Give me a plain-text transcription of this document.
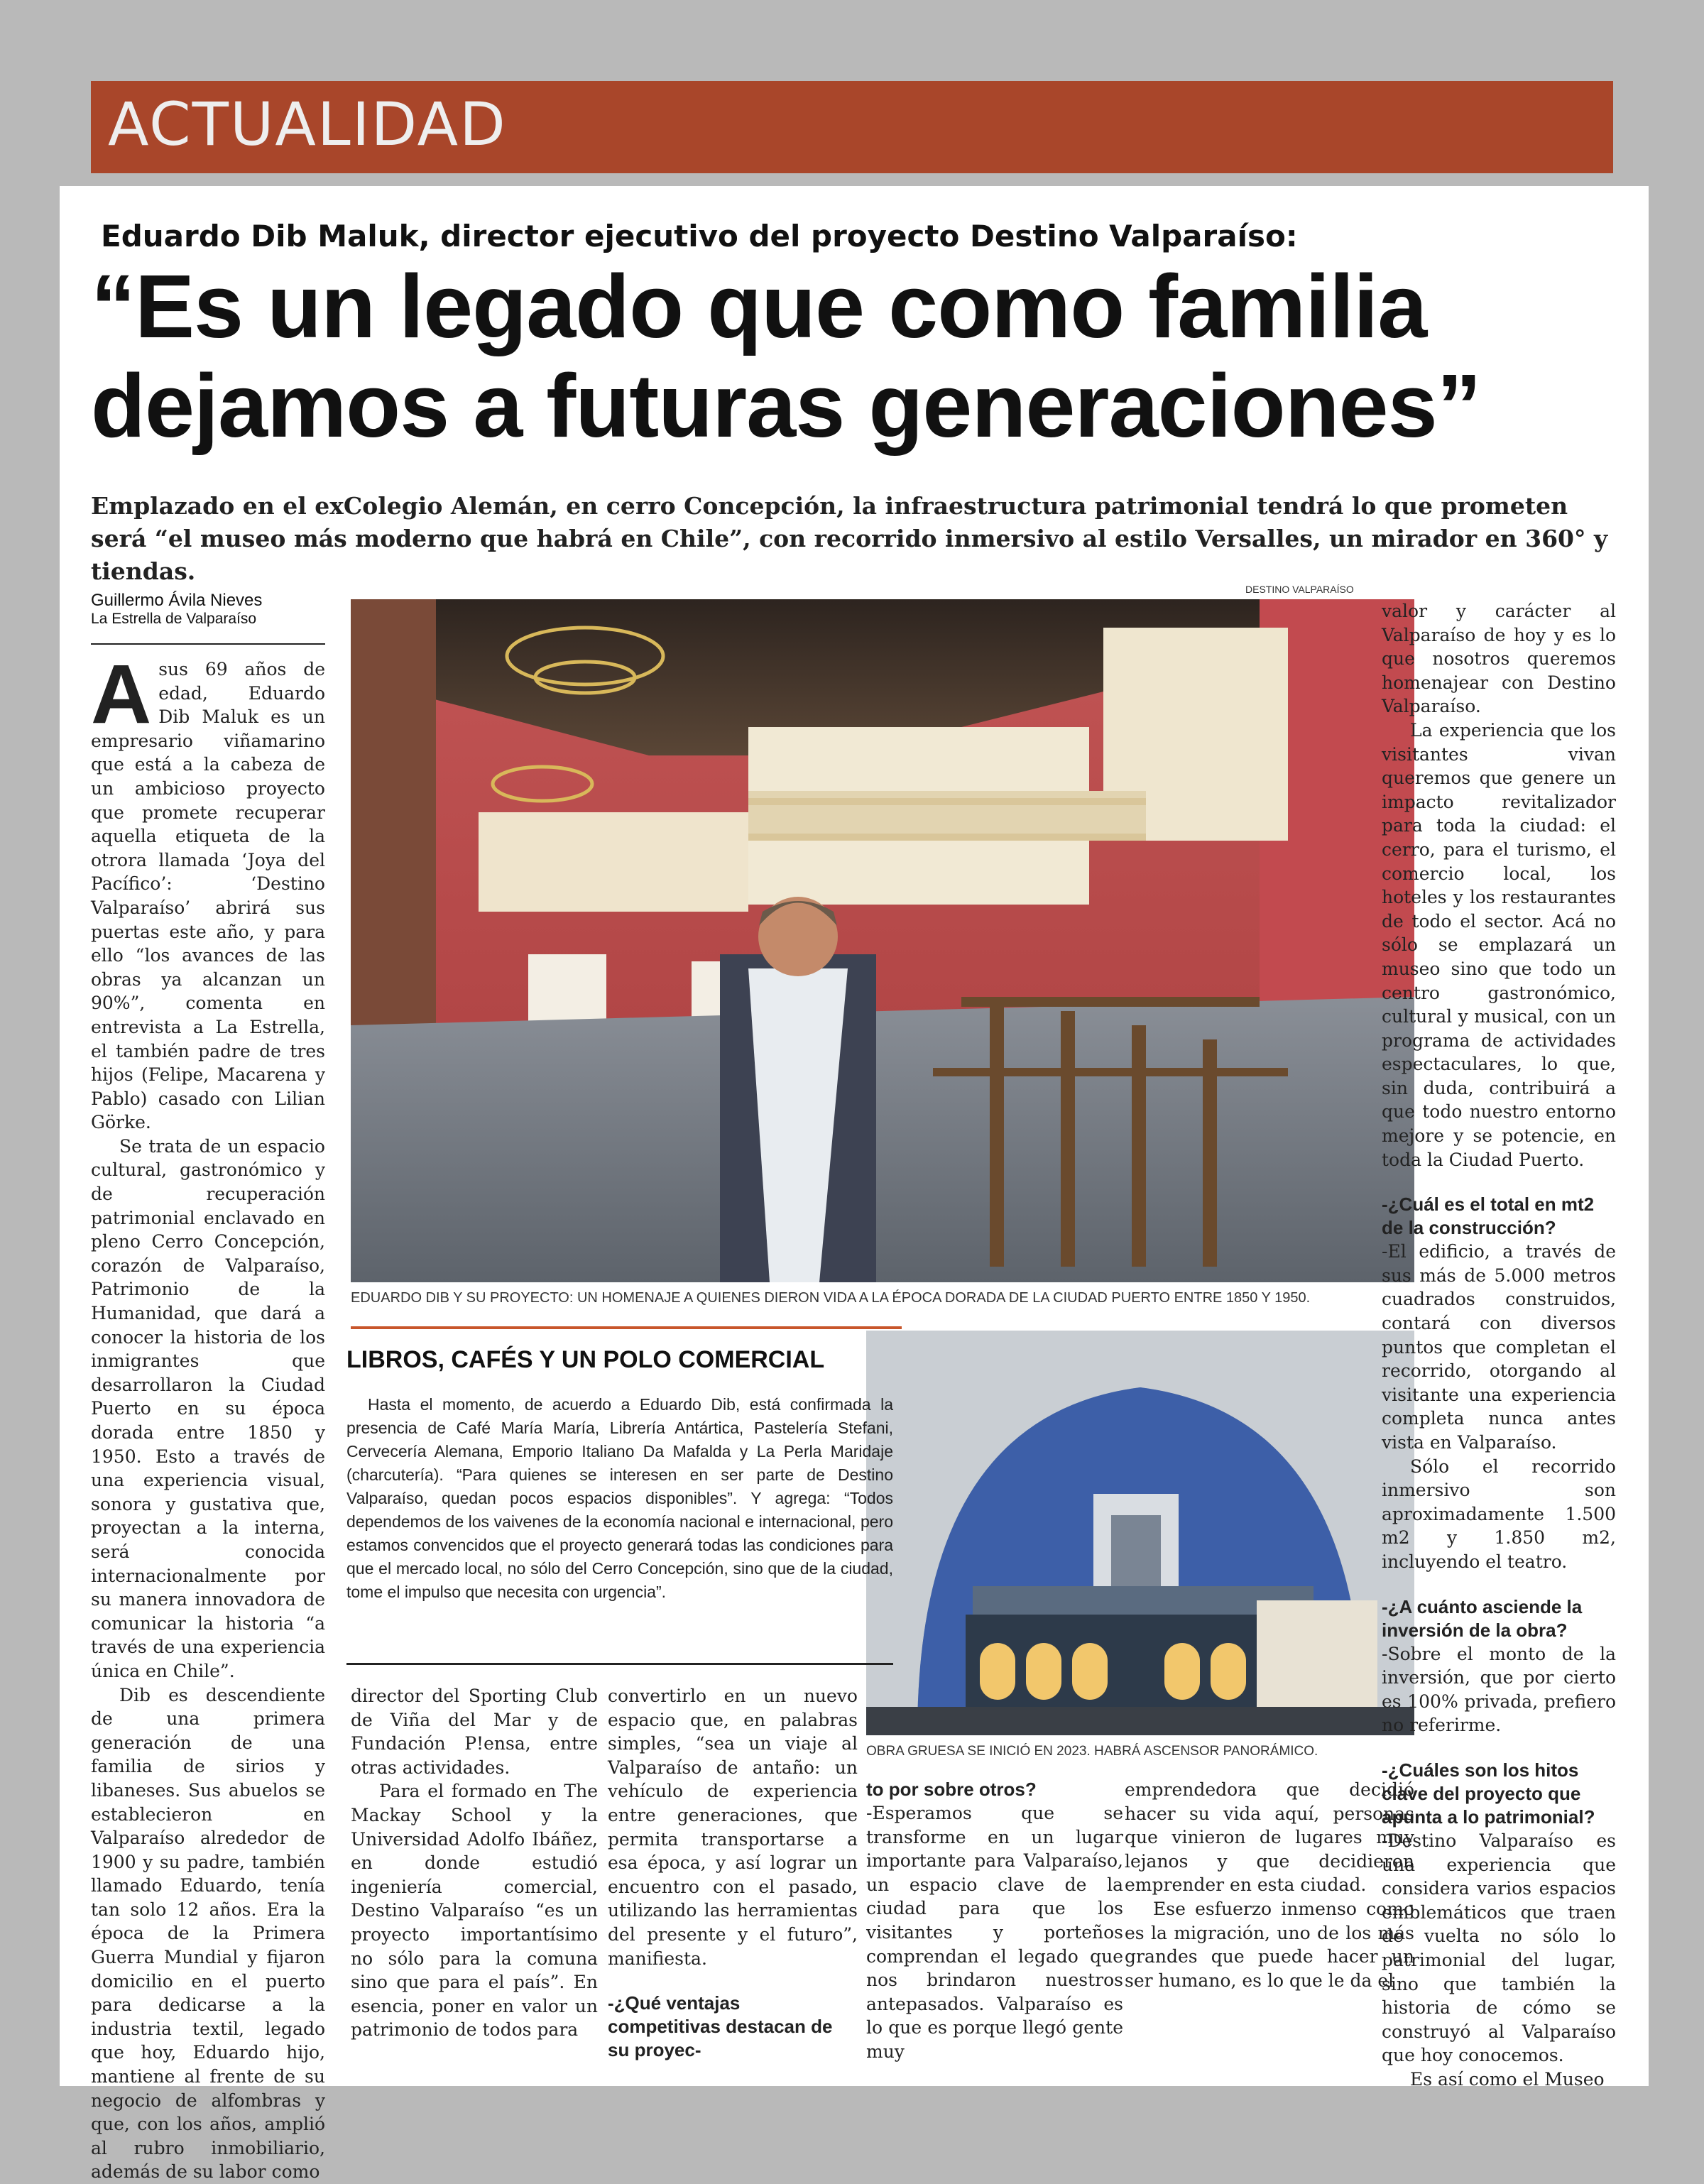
ACTUALIDAD
Eduardo Dib Maluk, director ejecutivo del proyecto Destino Valparaíso:
“Es un legado que como familia
dejamos a futuras generaciones”
Emplazado en el exColegio Alemán, en cerro Concepción, la infraestructura patrimonial tendrá lo que prometen será “el museo más moderno que habrá en Chile”, con recorrido inmersivo al estilo Versalles, un mirador en 360° y tiendas.
Guillermo Ávila Nieves
La Estrella de Valparaíso
DESTINO VALPARAÍSO
EDUARDO DIB Y SU PROYECTO: UN HOMENAJE A QUIENES DIERON VIDA A LA ÉPOCA DORADA DE LA CIUDAD PUERTO ENTRE 1850 Y 1950.
OBRA GRUESA SE INICIÓ EN 2023. HABRÁ ASCENSOR PANORÁMICO.
LIBROS, CAFÉS Y UN POLO COMERCIAL

Hasta el momento, de acuerdo a Eduardo Dib, está confirmada la presencia de Café María María, Librería Antártica, Pastelería Stefani, Cervecería Alemana, Emporio Italiano Da Mafalda y La Perla Maridaje (charcutería). “Para quienes se interesen en ser parte de Destino Valparaíso, quedan pocos espacios disponibles”. Y agrega: “Todos dependemos de los vaivenes de la economía nacional e internacional, pero estamos convencidos que el proyecto generará todas las condiciones para que el mercado local, no sólo del Cerro Concepción, sino que de la ciudad, tome el impulso que necesita con urgencia”.

Asus 69 años de edad, Eduardo Dib Maluk es un empresario viñamarino que está a la cabeza de un ambicioso proyecto que promete recuperar aquella etiqueta de la otrora llamada ‘Joya del Pacífico’: ‘Destino Valparaíso’ abrirá sus puertas este año, y para ello “los avances de las obras ya alcanzan un 90%”, comenta en entrevista a La Estrella, el también padre de tres hijos (Felipe, Macarena y Pablo) casado con Lilian Görke.

Se trata de un espacio cultural, gastronómico y de recuperación patrimonial enclavado en pleno Cerro Concepción, corazón de Valparaíso, Patrimonio de la Humanidad, que dará a conocer la historia de los inmigrantes que desarrollaron la Ciudad Puerto en su época dorada entre 1850 y 1950. Esto a través de una experiencia visual, sonora y gustativa que, proyectan a la interna, será conocida internacionalmente por su manera innovadora de comunicar la historia “a través de una experiencia única en Chile”.

Dib es descendiente de una primera generación de una familia de sirios y libaneses. Sus abuelos se establecieron en Valparaíso alrededor de 1900 y su padre, también llamado Eduardo, tenía tan solo 12 años. Era la época de la Primera Guerra Mundial y fijaron domicilio en el puerto para dedicarse a la industria textil, legado que hoy, Eduardo hijo, mantiene al frente de su negocio de alfombras y que, con los años, amplió al rubro inmobiliario, además de su labor como

director del Sporting Club de Viña del Mar y de Fundación P!ensa, entre otras actividades.

Para el formado en The Mackay School y la Universidad Adolfo Ibáñez, en donde estudió ingeniería comercial, Destino Valparaíso “es un proyecto importantísimo no sólo para la comuna sino que para el país”. En esencia, poner en valor un patrimonio de todos para

convertirlo en un nuevo espacio que, en palabras simples, “sea un viaje al Valparaíso de antaño: un vehículo de experiencia entre generaciones, que permita transportarse a esa época, y así lograr un encuentro con el pasado, utilizando las herramientas del presente y el futuro”, manifiesta.

-¿Qué ventajas competitivas destacan de su proyec-

to por sobre otros?

-Esperamos que se transforme en un lugar importante para Valparaíso, un espacio clave de la ciudad para que los visitantes y porteños comprendan el legado que nos brindaron nuestros antepasados. Valparaíso es lo que es porque llegó gente muy

emprendedora que decidió hacer su vida aquí, personas que vinieron de lugares muy lejanos y que decidieron emprender en esta ciudad.

Ese esfuerzo inmenso como es la migración, uno de los más grandes que puede hacer un ser humano, es lo que le da el

valor y carácter al Valparaíso de hoy y es lo que nosotros queremos homenajear con Destino Valparaíso.

La experiencia que los visitantes vivan queremos que genere un impacto revitalizador para toda la ciudad: el cerro, para el turismo, el comercio local, los hoteles y los restaurantes de todo el sector. Acá no sólo se emplazará un museo sino que todo un centro gastronómico, cultural y musical, con un programa de actividades espectaculares, lo que, sin duda, contribuirá a que todo nuestro entorno mejore y se potencie, en toda la Ciudad Puerto.

-¿Cuál es el total en mt2 de la construcción?

-El edificio, a través de sus más de 5.000 metros cuadrados construidos, contará con diversos puntos que completan el recorrido, otorgando al visitante una experiencia completa nunca antes vista en Valparaíso.

Sólo el recorrido inmersivo son aproximadamente 1.500 m2 y 1.850 m2, incluyendo el teatro.

-¿A cuánto asciende la inversión de la obra?

-Sobre el monto de la inversión, que por cierto es 100% privada, prefiero no referirme.

-¿Cuáles son los hitos clave del proyecto que apunta a lo patrimonial?

-Destino Valparaíso es una experiencia que considera varios espacios emblemáticos que traen de vuelta no sólo lo patrimonial del lugar, sino que también la historia de cómo se construyó al Valparaíso que hoy conocemos.

Es así como el Museo
